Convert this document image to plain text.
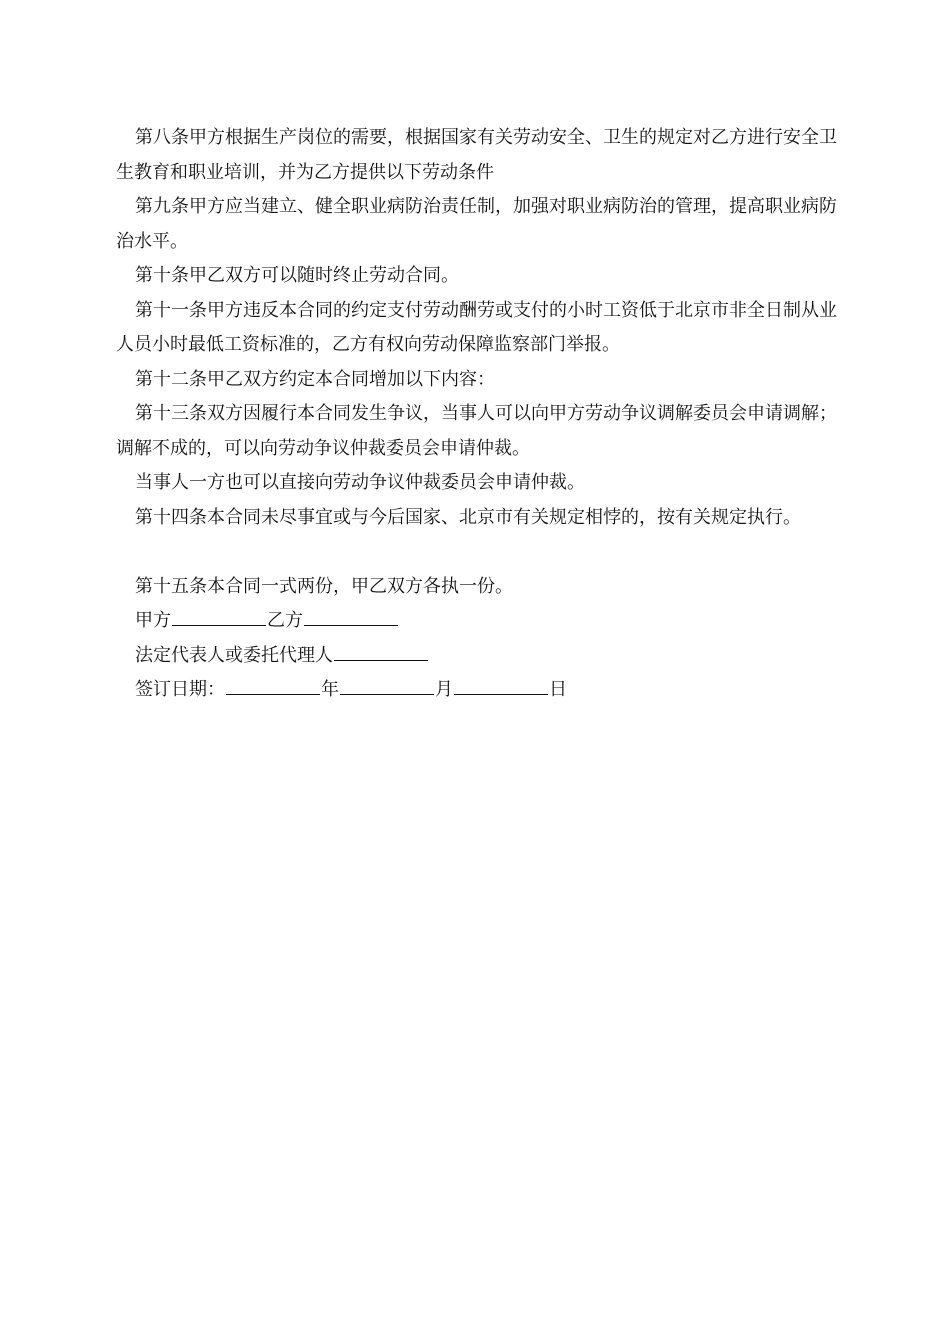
第八条甲方根据生产岗位的需要，根据国家有关劳动安全、卫生的规定对乙方进行安全卫生教育和职业培训，并为乙方提供以下劳动条件

第九条甲方应当建立、健全职业病防治责任制，加强对职业病防治的管理，提高职业病防治水平。

第十条甲乙双方可以随时终止劳动合同。

第十一条甲方违反本合同的约定支付劳动酬劳或支付的小时工资低于北京市非全日制从业人员小时最低工资标准的，乙方有权向劳动保障监察部门举报。

第十二条甲乙双方约定本合同增加以下内容：

第十三条双方因履行本合同发生争议，当事人可以向甲方劳动争议调解委员会申请调解；调解不成的，可以向劳动争议仲裁委员会申请仲裁。

当事人一方也可以直接向劳动争议仲裁委员会申请仲裁。

第十四条本合同未尽事宜或与今后国家、北京市有关规定相悖的，按有关规定执行。

第十五条本合同一式两份，甲乙双方各执一份。

甲方	乙方

法定代表人或委托代理人

签订日期：	年	月	日
